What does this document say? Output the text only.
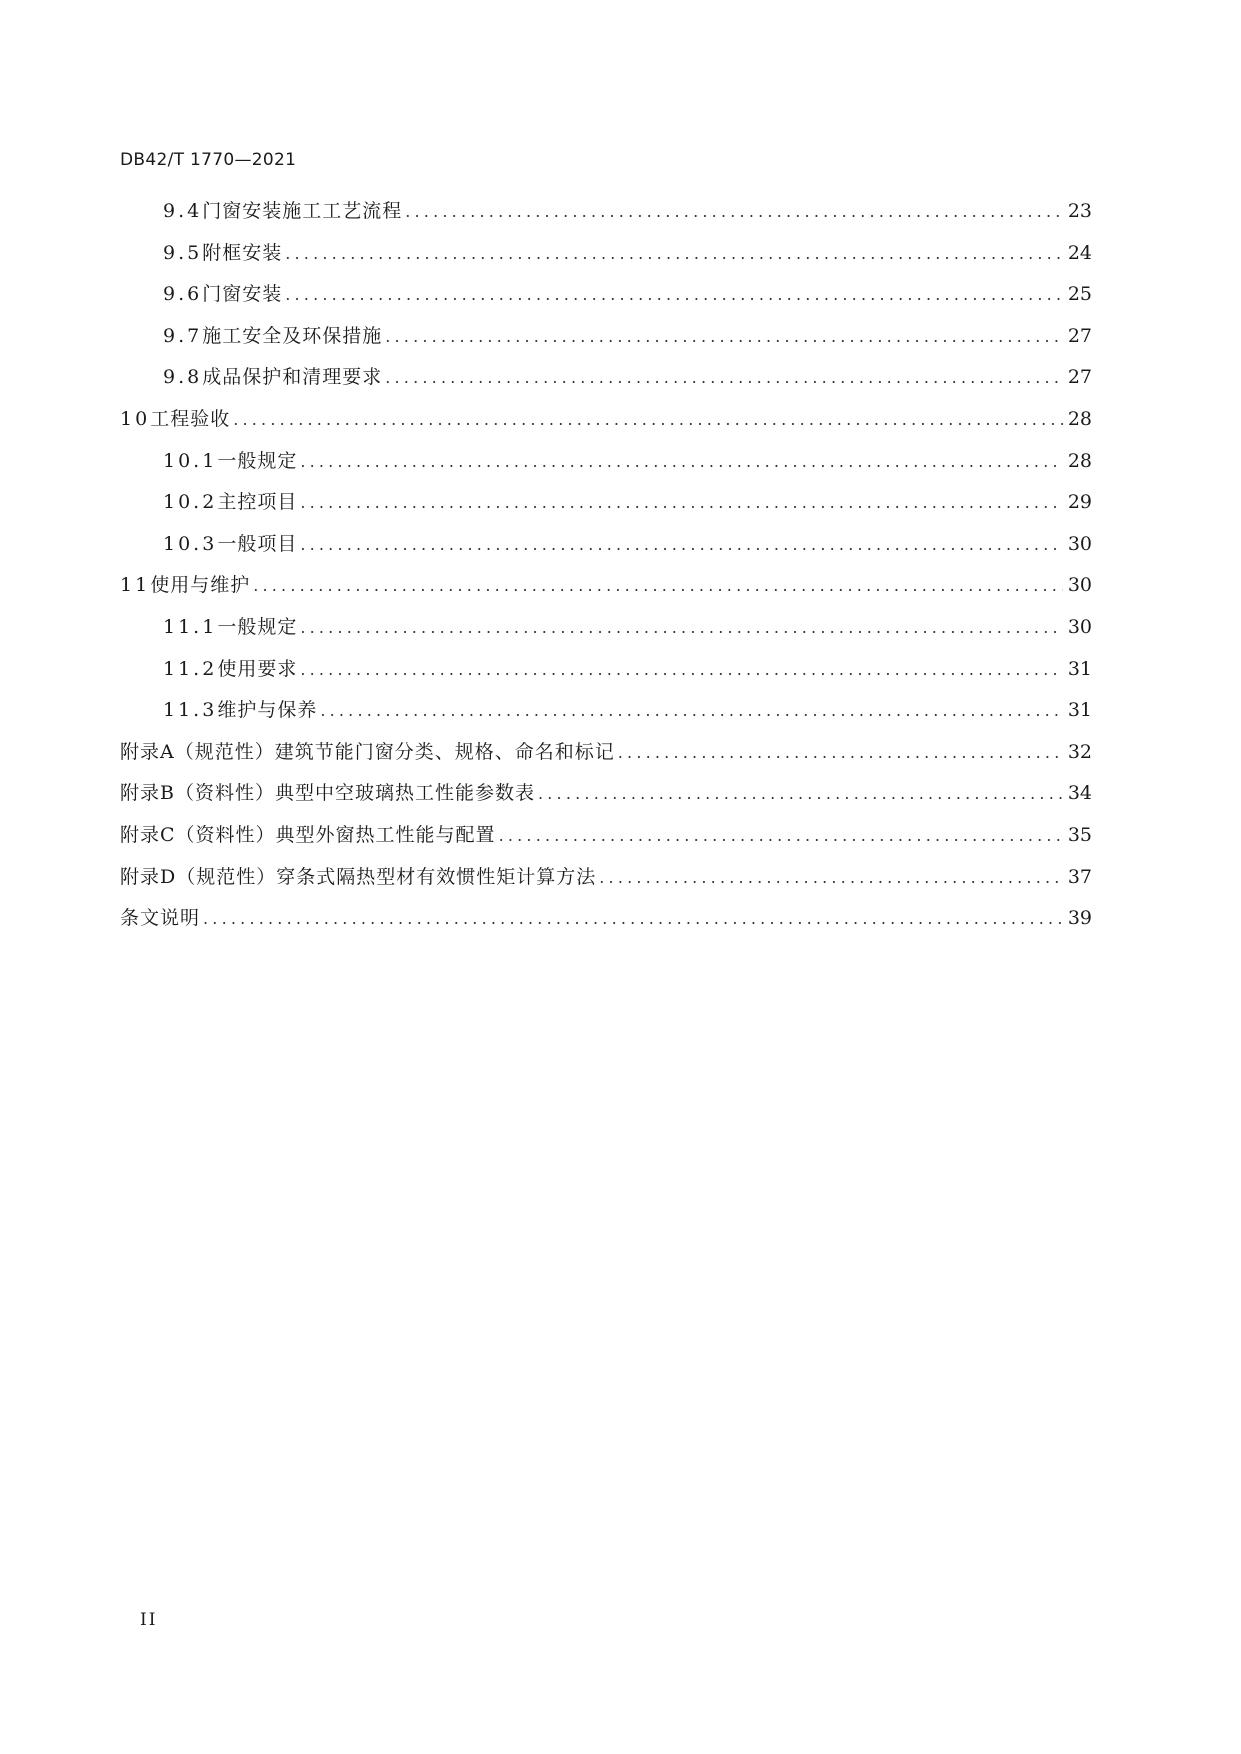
DB42/T 1770—2021
9.4 门窗安装施工工艺流程 .....	23
9.5 附框安装 .....	24
9.6 门窗安装 .....	25
9.7 施工安全及环保措施 .....	27
9.8 成品保护和清理要求 .....	27
10 工程验收 .....	28
10.1 一般规定 .....	28
10.2 主控项目 .....	29
10.3 一般项目 .....	30
11 使用与维护 .....	30
11.1 一般规定 .....	30
11.2 使用要求 .....	31
11.3 维护与保养 .....	31
附录A（规范性） 建筑节能门窗分类、规格、命名和标记 .....	32
附录B（资料性） 典型中空玻璃热工性能参数表 .....	34
附录C（资料性） 典型外窗热工性能与配置 .....	35
附录D（规范性） 穿条式隔热型材有效惯性矩计算方法 .....	37
条文说明 .....	39
II
